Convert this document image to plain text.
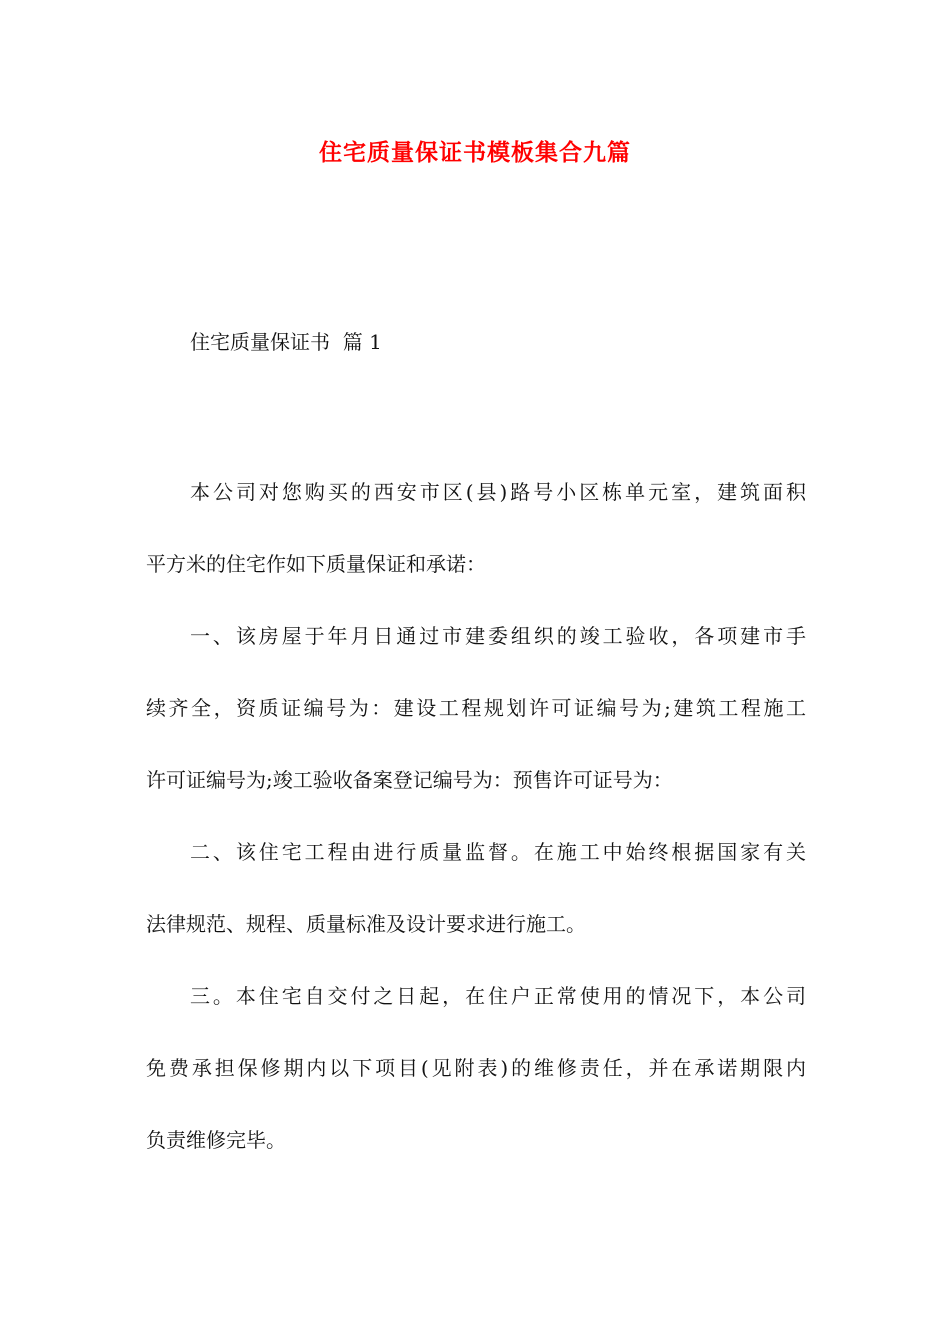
住宅质量保证书模板集合九篇
住宅质量保证书  篇 1
本公司对您购买的西安市区(县)路号小区栋单元室，建筑面积
平方米的住宅作如下质量保证和承诺：
一、该房屋于年月日通过市建委组织的竣工验收，各项建市手
续齐全，资质证编号为：建设工程规划许可证编号为;建筑工程施工
许可证编号为;竣工验收备案登记编号为：预售许可证号为：
二、该住宅工程由进行质量监督。在施工中始终根据国家有关
法律规范、规程、质量标准及设计要求进行施工。
三。本住宅自交付之日起，在住户正常使用的情况下，本公司
免费承担保修期内以下项目(见附表)的维修责任，并在承诺期限内
负责维修完毕。
